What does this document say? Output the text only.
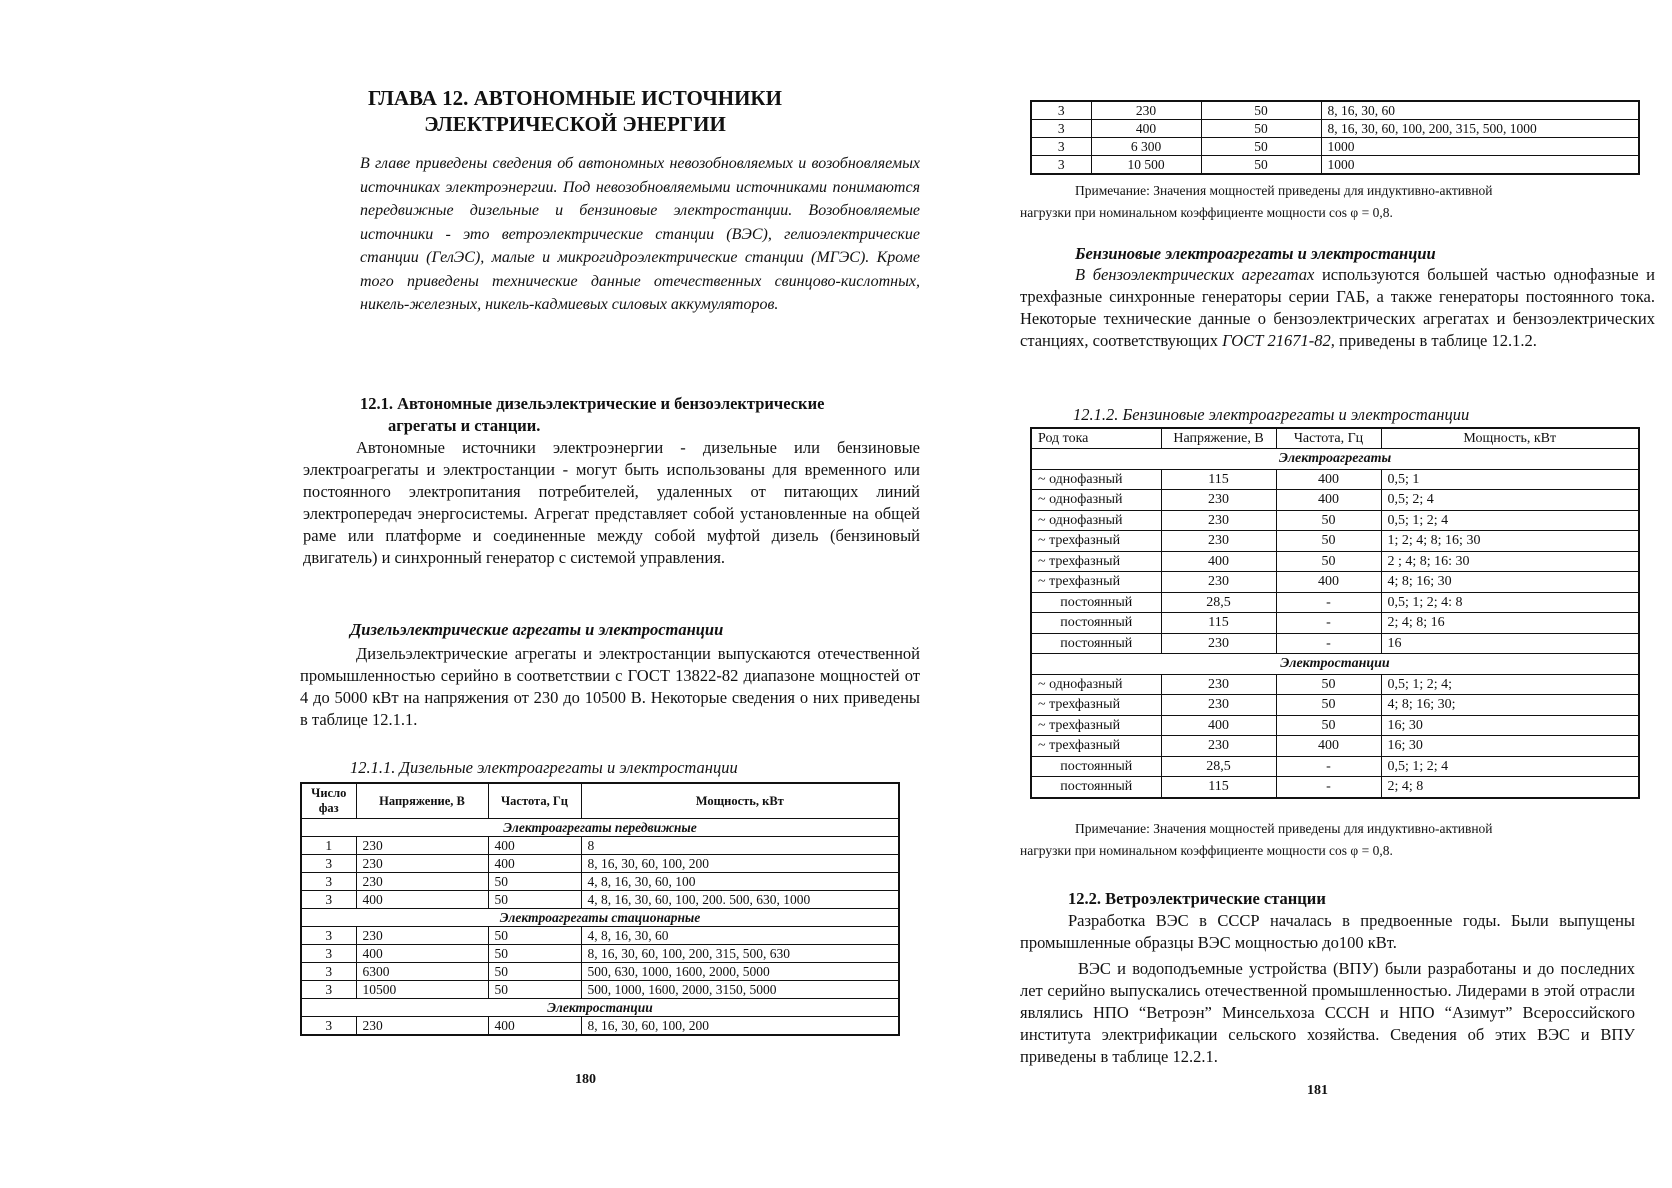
ГЛАВА 12. АВТОНОМНЫЕ ИСТОЧНИКИ
ЭЛЕКТРИЧЕСКОЙ ЭНЕРГИИ
В главе приведены сведения об автономных невозобновляемых и возобновляемых источниках электроэнергии. Под невозобновляемыми источниками понимаются передвижные дизельные и бензиновые электростанции. Возобновляемые источники - это ветроэлектрические станции (ВЭС), гелиоэлектрические станции (ГелЭС), малые и микрогидроэлектрические станции (МГЭС). Кроме того приведены технические данные отечественных свинцово-кислотных, никель-железных, никель-кадмиевых силовых аккумуляторов.
12.1. Автономные дизельэлектрические и бензоэлектрические
агрегаты и станции.
Автономные источники электроэнергии - дизельные или бензиновые электроагрегаты и электростанции - могут быть использованы для временного или постоянного электропитания потребителей, удаленных от питающих линий электропередач энергосистемы. Агрегат представляет собой установленные на общей раме или платформе и соединенные между собой муфтой дизель (бензиновый двигатель) и синхронный генератор с системой управления.
Дизельэлектрические агрегаты и электростанции
Дизельэлектрические агрегаты и электростанции выпускаются отечественной промышленностью серийно в соответствии с ГОСТ 13822-82 диапазоне мощностей от 4 до 5000 кВт на напряжения от 230 до 10500 В. Некоторые сведения о них приведены в таблице 12.1.1.
12.1.1. Дизельные электроагрегаты и электростанции
Число фаз	Напряжение, В	Частота, Гц	Мощность, кВт
Электроагрегаты передвижные			
1	230	400	8
3	230	400	8, 16, 30, 60, 100, 200
3	230	50	4, 8, 16, 30, 60, 100
3	400	50	4, 8, 16, 30, 60, 100, 200. 500, 630, 1000
Электроагрегаты стационарные			
3	230	50	4, 8, 16, 30, 60
3	400	50	8, 16, 30, 60, 100, 200, 315, 500, 630
3	6300	50	500, 630, 1000, 1600, 2000, 5000
3	10500	50	500, 1000, 1600, 2000, 3150, 5000
Электростанции			
3	230	400	8, 16, 30, 60, 100, 200
180
3	230	50	8, 16, 30, 60
3	400	50	8, 16, 30, 60, 100, 200, 315, 500, 1000
3	6 300	50	1000
3	10 500	50	1000
Примечание: Значения мощностей приведены для индуктивно-активной
нагрузки при номинальном коэффициенте мощности cos φ = 0,8.
Бензиновые электроагрегаты и электростанции
В бензоэлектрических агрегатах используются большей частью однофазные и трехфазные синхронные генераторы серии ГАБ, а также генераторы постоянного тока. Некоторые технические данные о бензоэлектрических агрегатах и бензоэлектрических станциях, соответствующих ГОСТ 21671-82, приведены в таблице 12.1.2.
12.1.2. Бензиновые электроагрегаты и электростанции
Род тока	Напряжение, В	Частота, Гц	Мощность, кВт
Электроагрегаты			
~ однофазный	115	400	0,5; 1
~ однофазный	230	400	0,5; 2; 4
~ однофазный	230	50	0,5; 1; 2; 4
~ трехфазный	230	50	1; 2; 4; 8; 16; 30
~ трехфазный	400	50	2 ; 4; 8; 16: 30
~ трехфазный	230	400	4; 8; 16; 30
постоянный	28,5	-	0,5; 1; 2; 4: 8
постоянный	115	-	2; 4; 8; 16
постоянный	230	-	16
Электростанции			
~ однофазный	230	50	0,5; 1; 2; 4;
~ трехфазный	230	50	4; 8; 16; 30;
~ трехфазный	400	50	16; 30
~ трехфазный	230	400	16; 30
постоянный	28,5	-	0,5; 1; 2; 4
постоянный	115	-	2; 4; 8
Примечание: Значения мощностей приведены для индуктивно-активной
нагрузки при номинальном коэффициенте мощности cos φ = 0,8.
12.2. Ветроэлектрические станции
Разработка ВЭС в СССР началась в предвоенные годы. Были выпущены промышленные образцы ВЭС мощностью до100 кВт.
ВЭС и водоподъемные устройства (ВПУ) были разработаны и до последних лет серийно выпускались отечественной промышленностью. Лидерами в этой отрасли являлись НПО “Ветроэн” Минсельхоза СССН и НПО “Азимут” Всероссийского института электрификации сельского хозяйства. Сведения об этих ВЭС и ВПУ приведены в таблице 12.2.1.
181
